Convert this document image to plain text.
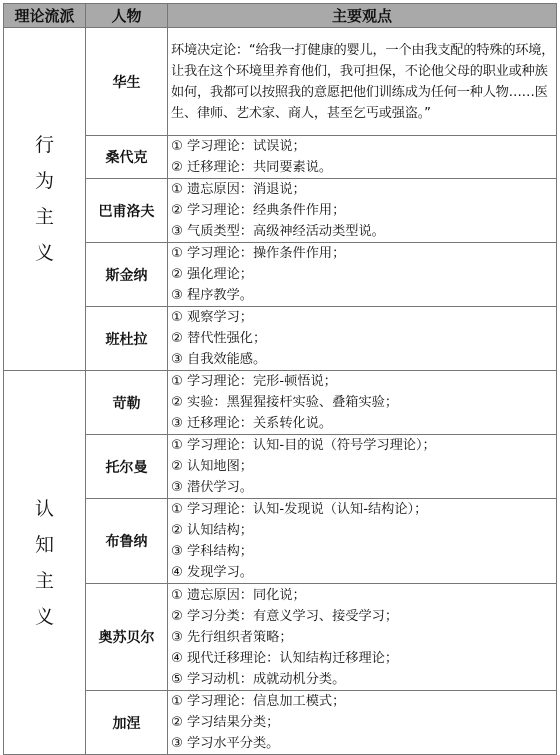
理论流派	人物	主要观点

行
为
主
义	华生	环境决定论：“给我一打健康的婴儿，一个由我支配的特殊的环境，让我在这个环境里养育他们，我可担保，不论他父母的职业或种族如何，我都可以按照我的意愿把他们训练成为任何一种人物……医生、律师、艺术家、商人，甚至乞丐或强盗。”

	桑代克	① 学习理论：试误说；
② 迁移理论：共同要素说。

	巴甫洛夫	① 遗忘原因：消退说；
② 学习理论：经典条件作用；
③ 气质类型：高级神经活动类型说。

	斯金纳	① 学习理论：操作条件作用；
② 强化理论；
③ 程序教学。

	班杜拉	① 观察学习；
② 替代性强化；
③ 自我效能感。

认
知
主
义	苛勒	① 学习理论：完形-顿悟说；
② 实验：黑猩猩接杆实验、叠箱实验；
③ 迁移理论：关系转化说。

	托尔曼	① 学习理论：认知-目的说（符号学习理论）；
② 认知地图；
③ 潜伏学习。

	布鲁纳	① 学习理论：认知-发现说（认知-结构论）；
② 认知结构；
③ 学科结构；
④ 发现学习。

	奥苏贝尔	① 遗忘原因：同化说；
② 学习分类：有意义学习、接受学习；
③ 先行组织者策略；
④ 现代迁移理论：认知结构迁移理论；
⑤ 学习动机：成就动机分类。

	加涅	① 学习理论：信息加工模式；
② 学习结果分类；
③ 学习水平分类。
